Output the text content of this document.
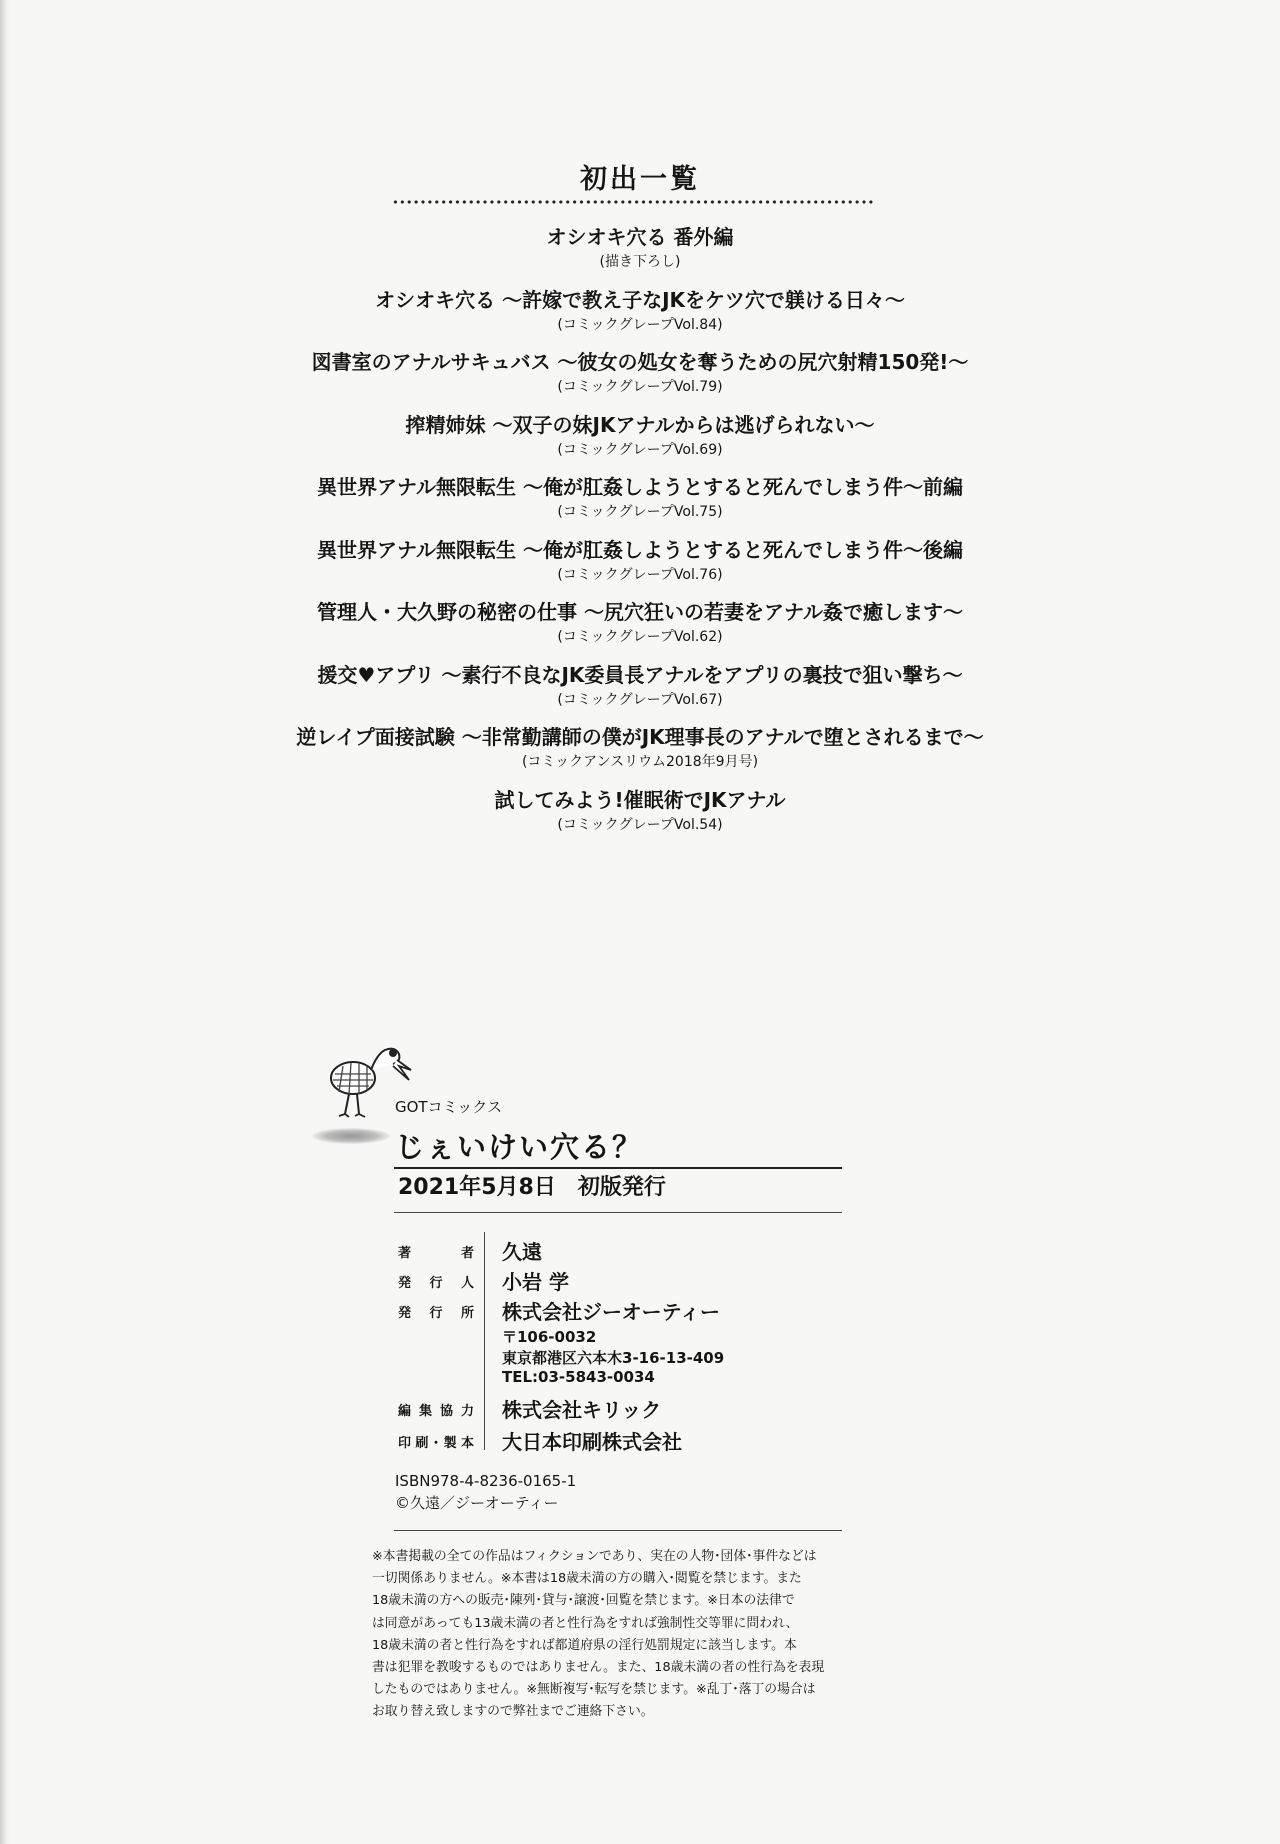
初出一覧
オシオキ穴る 番外編
(描き下ろし)
オシオキ穴る ～許嫁で教え子なJKをケツ穴で躾ける日々～
(コミックグレープVol.84)
図書室のアナルサキュバス ～彼女の処女を奪うための尻穴射精150発!～
(コミックグレープVol.79)
搾精姉妹 ～双子の妹JKアナルからは逃げられない～
(コミックグレープVol.69)
異世界アナル無限転生 ～俺が肛姦しようとすると死んでしまう件～前編
(コミックグレープVol.75)
異世界アナル無限転生 ～俺が肛姦しようとすると死んでしまう件～後編
(コミックグレープVol.76)
管理人・大久野の秘密の仕事 ～尻穴狂いの若妻をアナル姦で癒します～
(コミックグレープVol.62)
援交♥アプリ ～素行不良なJK委員長アナルをアプリの裏技で狙い撃ち～
(コミックグレープVol.67)
逆レイプ面接試験 ～非常勤講師の僕がJK理事長のアナルで堕とされるまで～
(コミックアンスリウム2018年9月号)
試してみよう!催眠術でJKアナル
(コミックグレープVol.54)
GOTコミックス
じぇいけい穴る？
2021年5月8日 初版発行
著者 久遠
発行人 小岩 学
発行所 株式会社ジーオーティー
〒106-0032
東京都港区六本木3-16-13-409
TEL:03-5843-0034
編集協力 株式会社キリック
印刷･製本 大日本印刷株式会社
ISBN978-4-8236-0165-1
©久遠／ジーオーティー
※本書掲載の全ての作品はフィクションであり、実在の人物･団体･事件などは
一切関係ありません。※本書は18歳未満の方の購入･閲覧を禁じます。また
18歳未満の方への販売･陳列･貸与･譲渡･回覧を禁じます。※日本の法律で
は同意があっても13歳未満の者と性行為をすれば強制性交等罪に問われ、
18歳未満の者と性行為をすれば都道府県の淫行処罰規定に該当します。本
書は犯罪を教唆するものではありません。また、18歳未満の者の性行為を表現
したものではありません。※無断複写･転写を禁じます。※乱丁･落丁の場合は
お取り替え致しますので弊社までご連絡下さい。
